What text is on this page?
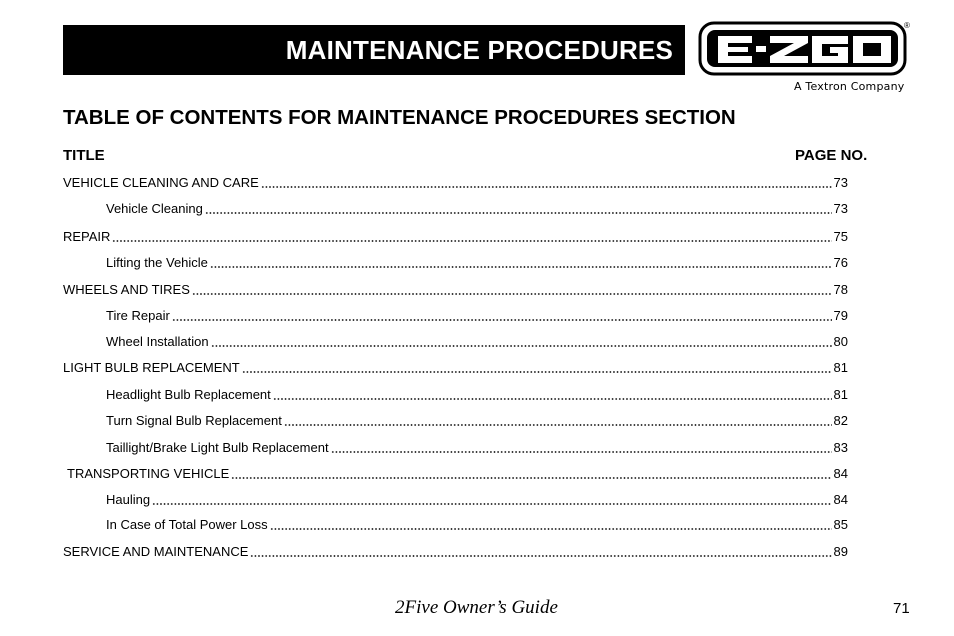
MAINTENANCE PROCEDURES
®
A Textron Company
TABLE OF CONTENTS FOR MAINTENANCE PROCEDURES SECTION
TITLE	PAGE NO.
VEHICLE CLEANING AND CARE	73
Vehicle Cleaning	73
REPAIR	75
Lifting the Vehicle	76
WHEELS AND TIRES	78
Tire Repair	79
Wheel Installation	80
LIGHT BULB REPLACEMENT	81
Headlight Bulb Replacement	81
Turn Signal Bulb Replacement	82
Taillight/Brake Light Bulb Replacement	83
TRANSPORTING VEHICLE	84
Hauling	84
In Case of Total Power Loss	85
SERVICE AND MAINTENANCE	89
2Five Owner’s Guide	71
